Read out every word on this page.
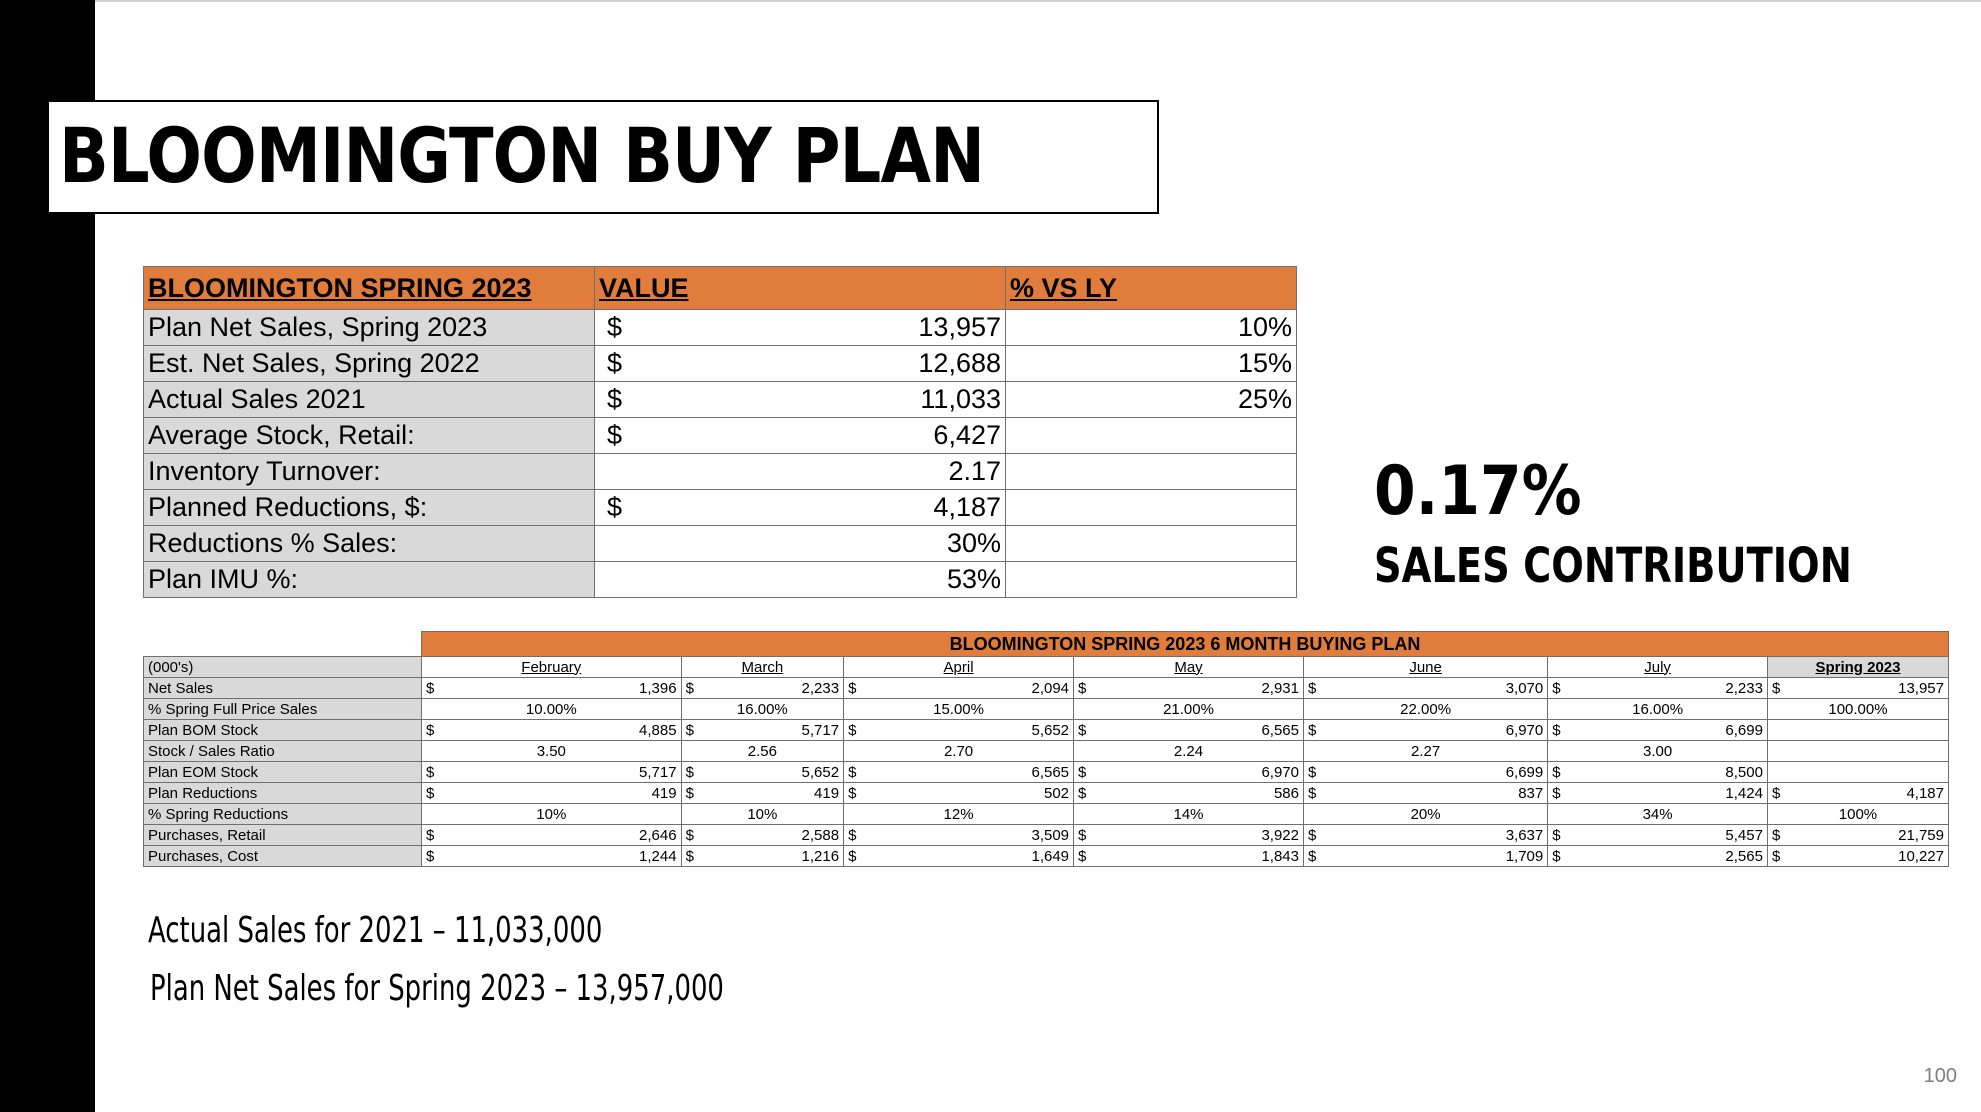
BLOOMINGTON BUY PLAN
BLOOMINGTON SPRING 2023	VALUE	% VS LY
Plan Net Sales, Spring 2023	$ 13,957	10%
Est. Net Sales, Spring 2022	$ 12,688	15%
Actual Sales 2021	$ 11,033	25%
Average Stock, Retail:	$ 6,427	

Inventory Turnover:	2.17	

Planned Reductions, $:	$ 4,187	

Reductions % Sales:	30%	

Plan IMU %:	53%	

0.17%
SALES CONTRIBUTION
	BLOOMINGTON SPRING 2023 6 MONTH BUYING PLAN													
(000's)	February		March		April		May		June		July		Spring 2023	
Net Sales	$	1,396	$	2,233	$	2,094	$	2,931	$	3,070	$	2,233	$	13,957
% Spring Full Price Sales	10.00%		16.00%		15.00%		21.00%		22.00%		16.00%		100.00%	
Plan BOM Stock	$	4,885	$	5,717	$	5,652	$	6,565	$	6,970	$	6,699		
Stock / Sales Ratio	3.50		2.56		2.70		2.24		2.27		3.00			
Plan EOM Stock	$	5,717	$	5,652	$	6,565	$	6,970	$	6,699	$	8,500		
Plan Reductions	$	419	$	419	$	502	$	586	$	837	$	1,424	$	4,187
% Spring Reductions	10%		10%		12%		14%		20%		34%		100%	
Purchases, Retail	$	2,646	$	2,588	$	3,509	$	3,922	$	3,637	$	5,457	$	21,759
Purchases, Cost	$	1,244	$	1,216	$	1,649	$	1,843	$	1,709	$	2,565	$	10,227
Actual Sales for 2021 – 11,033,000
Plan Net Sales for Spring 2023 – 13,957,000
100
